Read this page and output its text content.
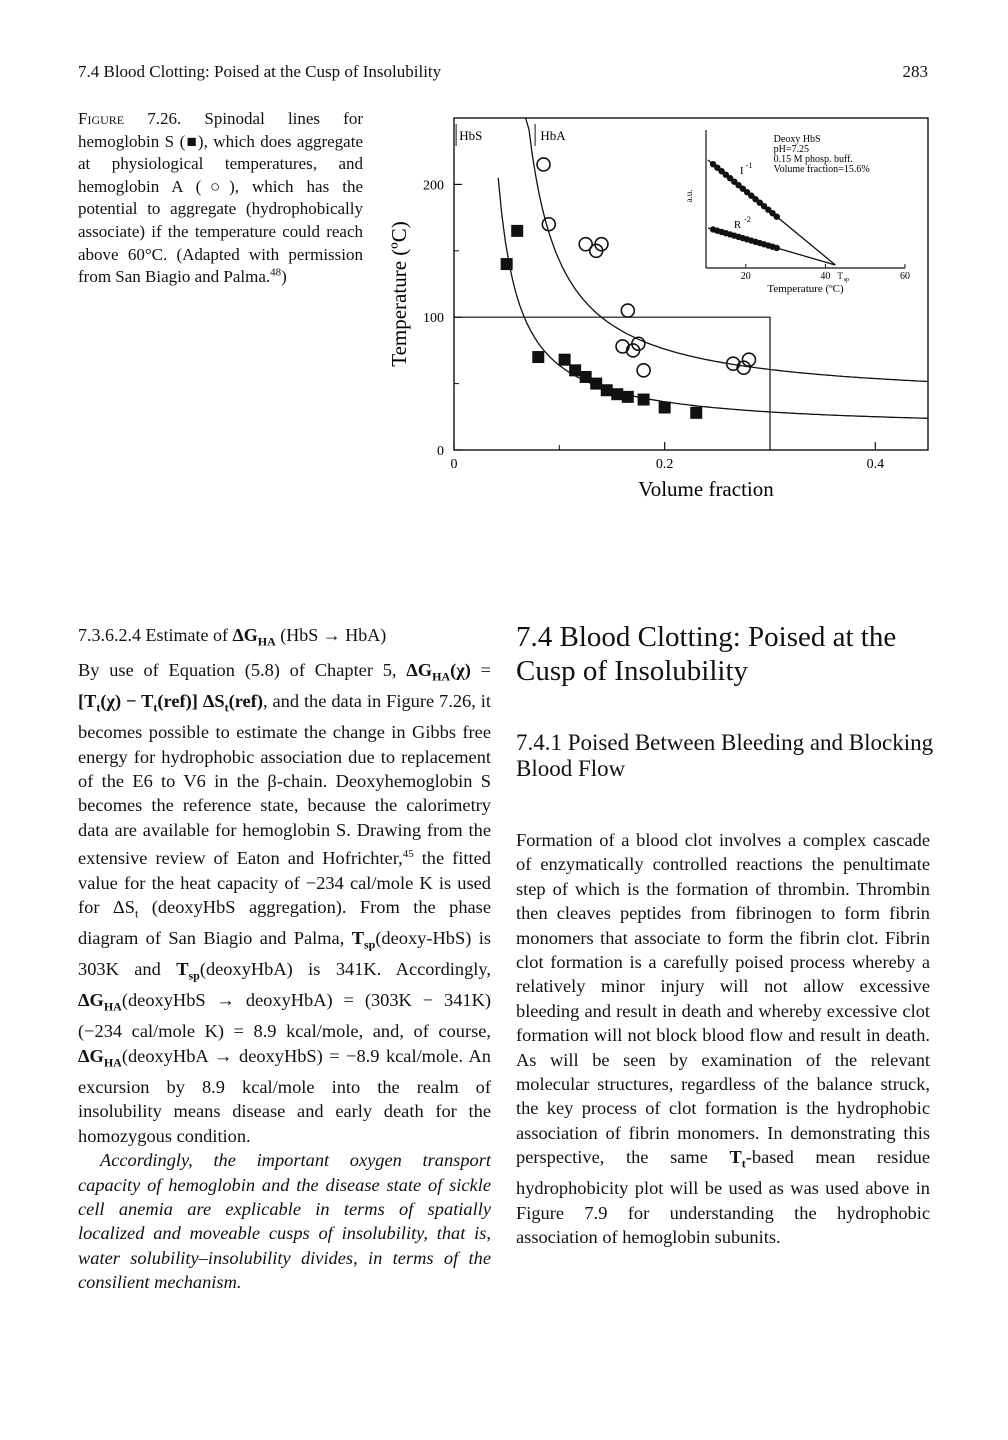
7.4 Blood Clotting: Poised at the Cusp of Insolubility	283
Figure 7.26. Spinodal lines for hemoglobin S (■), which does aggregate at physiological temperatures, and hemoglobin A (○), which has the potential to aggregate (hydrophobically associate) if the temperature could reach above 60°C. (Adapted with permission from San Biagio and Palma.$^{48}$)
0
100
200
0	0.2	0.4
Volume fraction
Temperature (ºC)
HbS	HbA
20	40	60
T sp
Temperature (ºC)
a.u.
Deoxy HbS
pH=7.25
0.15 M phosp. buff.
Volume fraction=15.6%
I -1
R -2
7.3.6.2.4 Estimate of $\Delta G_{HA}$ (HbS → HbA)

By use of Equation (5.8) of Chapter 5, $\Delta G_{HA}(\chi) = [T_t(\chi) - T_t(ref)]$ $\Delta S_t(ref)$, and the data in Figure 7.26, it becomes possible to estimate the change in Gibbs free energy for hydrophobic association due to replacement of the E6 to V6 in the β-chain. Deoxyhemoglobin S becomes the reference state, because the calorimetry data are available for hemoglobin S. Drawing from the extensive review of Eaton and Hofrichter,$^{45}$ the fitted value for the heat capacity of −234 cal/mole K is used for $\Delta S_t$ (deoxyHbS aggregation). From the phase diagram of San Biagio and Palma, $T_{sp}(deoxy-HbS)$ is 303K and $T_{sp}(deoxyHbA)$ is 341K. Accordingly, $\Delta G_{HA}(deoxyHbS$ → deoxyHbA) = (303K − 341K)(−234 cal/mole K) = 8.9 kcal/mole, and, of course, $\Delta G_{HA}(deoxyHbA$ → deoxyHbS) = −8.9 kcal/mole. An excursion by 8.9 kcal/mole into the realm of insolubility means disease and early death for the homozygous condition.

Accordingly, the important oxygen transport capacity of hemoglobin and the disease state of sickle cell anemia are explicable in terms of spatially localized and moveable cusps of insolubility, that is, water solubility–insolubility divides, in terms of the consilient mechanism.

7.4 Blood Clotting: Poised at the Cusp of Insolubility
7.4.1 Poised Between Bleeding and Blocking Blood Flow

Formation of a blood clot involves a complex cascade of enzymatically controlled reactions the penultimate step of which is the formation of thrombin. Thrombin then cleaves peptides from fibrinogen to form fibrin monomers that associate to form the fibrin clot. Fibrin clot formation is a carefully poised process whereby a relatively minor injury will not allow excessive bleeding and result in death and whereby excessive clot formation will not block blood flow and result in death. As will be seen by examination of the relevant molecular structures, regardless of the balance struck, the key process of clot formation is the hydrophobic association of fibrin monomers. In demonstrating this perspective, the same $T_t$-based mean residue hydrophobicity plot will be used as was used above in Figure 7.9 for understanding the hydrophobic association of hemoglobin subunits.
